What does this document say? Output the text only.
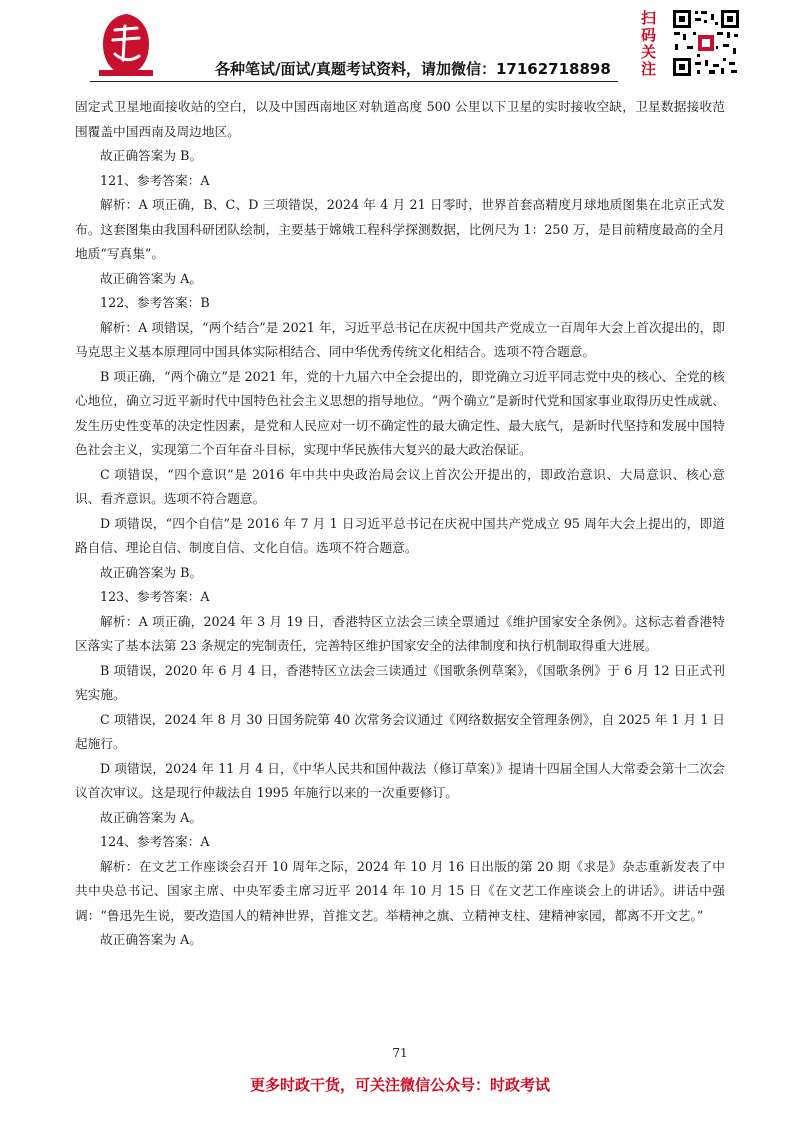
各种笔试/面试/真题考试资料，请加微信：17162718898
扫
码
关
注

固定式卫星地面接收站的空白，以及中国西南地区对轨道高度 500 公里以下卫星的实时接收空缺，卫星数据接收范围覆盖中国西南及周边地区。

故正确答案为 B。

121、参考答案：A

解析：A 项正确，B、C、D 三项错误，2024 年 4 月 21 日零时，世界首套高精度月球地质图集在北京正式发布。这套图集由我国科研团队绘制，主要基于嫦娥工程科学探测数据，比例尺为 1：250 万，是目前精度最高的全月地质“写真集”。

故正确答案为 A。

122、参考答案：B

解析：A 项错误，“两个结合”是 2021 年，习近平总书记在庆祝中国共产党成立一百周年大会上首次提出的，即马克思主义基本原理同中国具体实际相结合、同中华优秀传统文化相结合。选项不符合题意。

B 项正确，“两个确立”是 2021 年，党的十九届六中全会提出的，即党确立习近平同志党中央的核心、全党的核心地位，确立习近平新时代中国特色社会主义思想的指导地位。“两个确立”是新时代党和国家事业取得历史性成就、发生历史性变革的决定性因素，是党和人民应对一切不确定性的最大确定性、最大底气，是新时代坚持和发展中国特色社会主义，实现第二个百年奋斗目标，实现中华民族伟大复兴的最大政治保证。

C 项错误，“四个意识”是 2016 年中共中央政治局会议上首次公开提出的，即政治意识、大局意识、核心意识、看齐意识。选项不符合题意。

D 项错误，“四个自信”是 2016 年 7 月 1 日习近平总书记在庆祝中国共产党成立 95 周年大会上提出的，即道路自信、理论自信、制度自信、文化自信。选项不符合题意。

故正确答案为 B。

123、参考答案：A

解析：A 项正确，2024 年 3 月 19 日，香港特区立法会三读全票通过《维护国家安全条例》。这标志着香港特区落实了基本法第 23 条规定的宪制责任，完善特区维护国家安全的法律制度和执行机制取得重大进展。

B 项错误，2020 年 6 月 4 日，香港特区立法会三读通过《国歌条例草案》，《国歌条例》于 6 月 12 日正式刊宪实施。

C 项错误，2024 年 8 月 30 日国务院第 40 次常务会议通过《网络数据安全管理条例》，自 2025 年 1 月 1 日起施行。

D 项错误，2024 年 11 月 4 日，《中华人民共和国仲裁法（修订草案）》提请十四届全国人大常委会第十二次会议首次审议。这是现行仲裁法自 1995 年施行以来的一次重要修订。

故正确答案为 A。

124、参考答案：A

解析：在文艺工作座谈会召开 10 周年之际，2024 年 10 月 16 日出版的第 20 期《求是》杂志重新发表了中共中央总书记、国家主席、中央军委主席习近平 2014 年 10 月 15 日《在文艺工作座谈会上的讲话》。讲话中强调：“鲁迅先生说，要改造国人的精神世界，首推文艺。举精神之旗、立精神支柱、建精神家园，都离不开文艺。”

故正确答案为 A。

71
更多时政干货，可关注微信公众号：时政考试
